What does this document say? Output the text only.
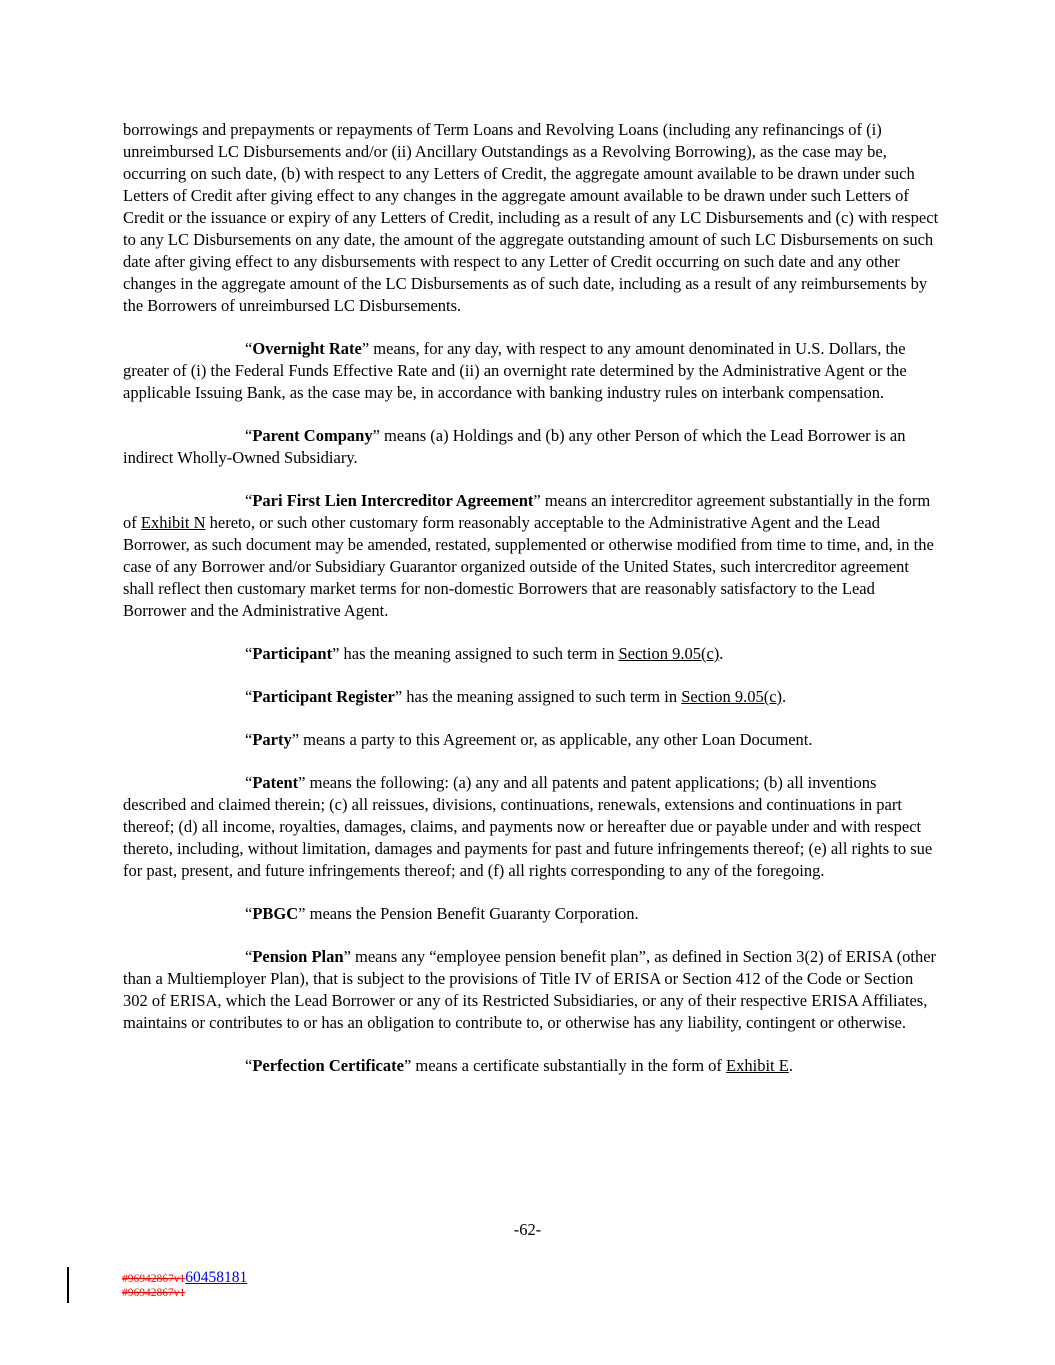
borrowings and prepayments or repayments of Term Loans and Revolving Loans (including any refinancings of (i) unreimbursed LC Disbursements and/or (ii) Ancillary Outstandings as a Revolving Borrowing), as the case may be, occurring on such date, (b) with respect to any Letters of Credit, the aggregate amount available to be drawn under such Letters of Credit after giving effect to any changes in the aggregate amount available to be drawn under such Letters of Credit or the issuance or expiry of any Letters of Credit, including as a result of any LC Disbursements and (c) with respect to any LC Disbursements on any date, the amount of the aggregate outstanding amount of such LC Disbursements on such date after giving effect to any disbursements with respect to any Letter of Credit occurring on such date and any other changes in the aggregate amount of the LC Disbursements as of such date, including as a result of any reimbursements by the Borrowers of unreimbursed LC Disbursements.

“Overnight Rate” means, for any day, with respect to any amount denominated in U.S. Dollars, the greater of (i) the Federal Funds Effective Rate and (ii) an overnight rate determined by the Administrative Agent or the applicable Issuing Bank, as the case may be, in accordance with banking industry rules on interbank compensation.

“Parent Company” means (a) Holdings and (b) any other Person of which the Lead Borrower is an indirect Wholly-Owned Subsidiary.

“Pari First Lien Intercreditor Agreement” means an intercreditor agreement substantially in the form of Exhibit N hereto, or such other customary form reasonably acceptable to the Administrative Agent and the Lead Borrower, as such document may be amended, restated, supplemented or otherwise modified from time to time, and, in the case of any Borrower and/or Subsidiary Guarantor organized outside of the United States, such intercreditor agreement shall reflect then customary market terms for non-domestic Borrowers that are reasonably satisfactory to the Lead Borrower and the Administrative Agent.

“Participant” has the meaning assigned to such term in Section 9.05(c).

“Participant Register” has the meaning assigned to such term in Section 9.05(c).

“Party” means a party to this Agreement or, as applicable, any other Loan Document.

“Patent” means the following: (a) any and all patents and patent applications; (b) all inventions described and claimed therein; (c) all reissues, divisions, continuations, renewals, extensions and continuations in part thereof; (d) all income, royalties, damages, claims, and payments now or hereafter due or payable under and with respect thereto, including, without limitation, damages and payments for past and future infringements thereof; (e) all rights to sue for past, present, and future infringements thereof; and (f) all rights corresponding to any of the foregoing.

“PBGC” means the Pension Benefit Guaranty Corporation.

“Pension Plan” means any “employee pension benefit plan”, as defined in Section 3(2) of ERISA (other than a Multiemployer Plan), that is subject to the provisions of Title IV of ERISA or Section 412 of the Code or Section 302 of ERISA, which the Lead Borrower or any of its Restricted Subsidiaries, or any of their respective ERISA Affiliates, maintains or contributes to or has an obligation to contribute to, or otherwise has any liability, contingent or otherwise.

“Perfection Certificate” means a certificate substantially in the form of Exhibit E.

-62-
#96942867v160458181
#96942867v1
